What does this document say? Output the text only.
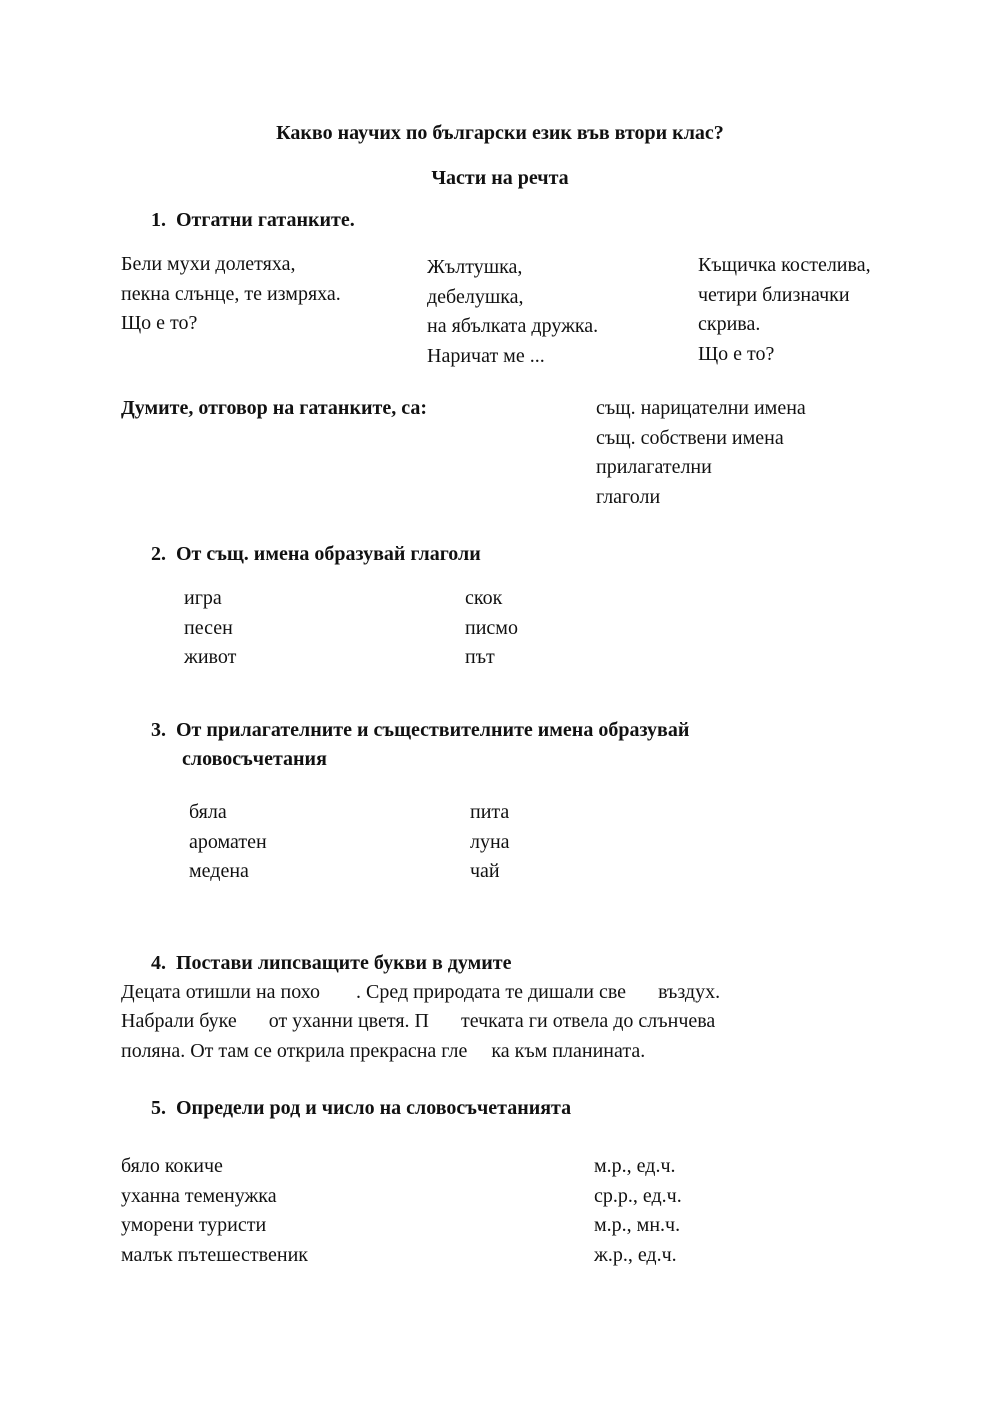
Какво научих по български език във втори клас?
Части на речта
1. Отгатни гатанките.
Бели мухи долетяха,
пекна слънце, те измряха.
Що е то?
Жълтушка,
дебелушка,
на ябълката дружка.
Наричат ме ...
Къщичка костелива,
четири близначки
скрива.
Що е то?
Думите, отговор на гатанките, са:	същ. нарицателни имена
същ. собствени имена
прилагателни
глаголи
2. От същ. имена образувай глаголи
игра
песен
живот
скок
писмо
път
3. От прилагателните и съществителните имена образувай
словосъчетания
бяла
ароматен
медена
пита
луна
чай
4. Постави липсващите букви в думите
Децата отишли на похо . Сред природата те дишали све въздух.
Набрали буке от уханни цветя. П течката ги отвела до слънчева
поляна. От там се открила прекрасна гле ка към планината.
5. Определи род и число на словосъчетанията
бяло кокиче
уханна теменужка
уморени туристи
малък пътешественик
м.р., ед.ч.
ср.р., ед.ч.
м.р., мн.ч.
ж.р., ед.ч.
